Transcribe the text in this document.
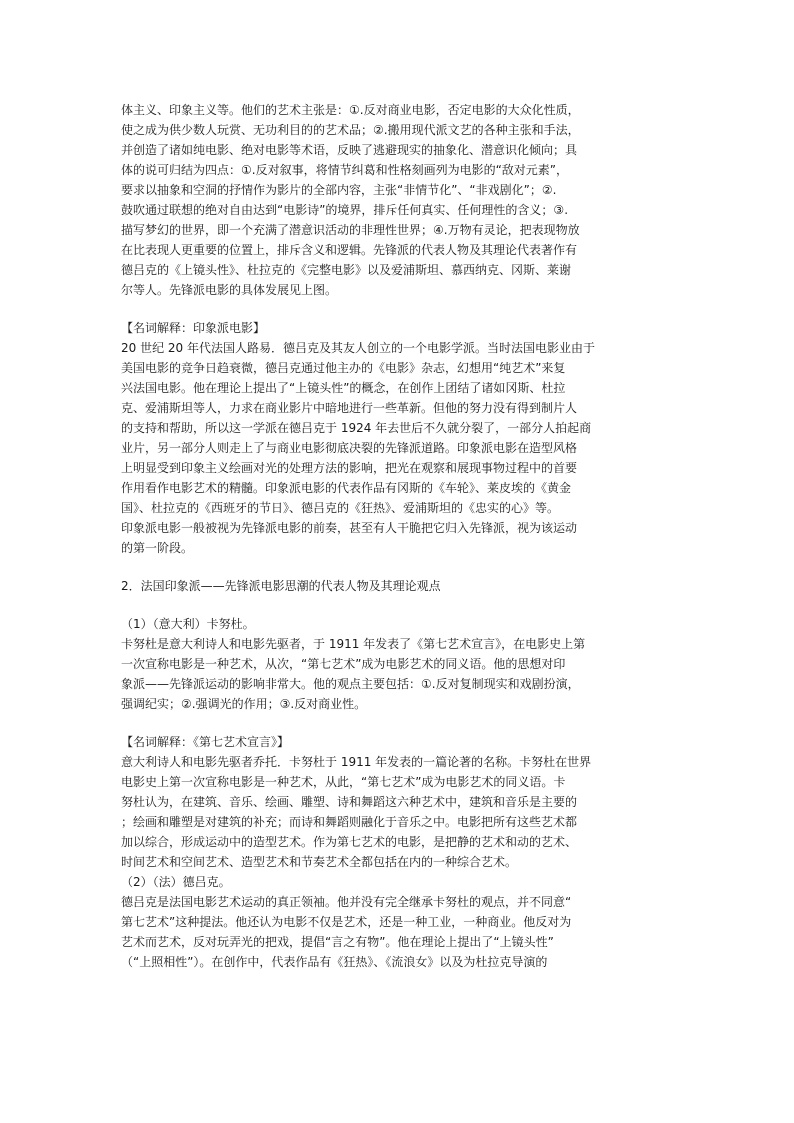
体主义、印象主义等。他们的艺术主张是：①.反对商业电影，否定电影的大众化性质，
使之成为供少数人玩赏、无功利目的的艺术品；②.搬用现代派文艺的各种主张和手法，
并创造了诸如纯电影、绝对电影等术语，反映了逃避现实的抽象化、潜意识化倾向；具
体的说可归结为四点：①.反对叙事，将情节纠葛和性格刻画列为电影的“敌对元素”，
要求以抽象和空洞的抒情作为影片的全部内容，主张“非情节化”、“非戏剧化”；②.
鼓吹通过联想的绝对自由达到“电影诗”的境界，排斥任何真实、任何理性的含义；③.
描写梦幻的世界，即一个充满了潜意识活动的非理性世界；④.万物有灵论，把表现物放
在比表现人更重要的位置上，排斥含义和逻辑。先锋派的代表人物及其理论代表著作有
德吕克的《上镜头性》、杜拉克的《完整电影》以及爱浦斯坦、慕西纳克、冈斯、莱谢
尔等人。先锋派电影的具体发展见上图。
【名词解释：印象派电影】
20 世纪 20 年代法国人路易．德吕克及其友人创立的一个电影学派。当时法国电影业由于
美国电影的竞争日趋衰微，德吕克通过他主办的《电影》杂志，幻想用“纯艺术”来复
兴法国电影。他在理论上提出了“上镜头性”的概念，在创作上团结了诸如冈斯、杜拉
克、爱浦斯坦等人，力求在商业影片中暗地进行一些革新。但他的努力没有得到制片人
的支持和帮助，所以这一学派在德吕克于 1924 年去世后不久就分裂了，一部分人拍起商
业片，另一部分人则走上了与商业电影彻底决裂的先锋派道路。印象派电影在造型风格
上明显受到印象主义绘画对光的处理方法的影响，把光在观察和展现事物过程中的首要
作用看作电影艺术的精髓。印象派电影的代表作品有冈斯的《车轮》、莱皮埃的《黄金
国》、杜拉克的《西班牙的节日》、德吕克的《狂热》、爱浦斯坦的《忠实的心》等。
印象派电影一般被视为先锋派电影的前奏，甚至有人干脆把它归入先锋派，视为该运动
的第一阶段。
2．法国印象派——先锋派电影思潮的代表人物及其理论观点
（1）（意大利）卡努杜。
卡努杜是意大利诗人和电影先驱者，于 1911 年发表了《第七艺术宣言》，在电影史上第
一次宣称电影是一种艺术，从次，“第七艺术”成为电影艺术的同义语。他的思想对印
象派——先锋派运动的影响非常大。他的观点主要包括：①.反对复制现实和戏剧扮演，
强调纪实；②.强调光的作用；③.反对商业性。
【名词解释：《第七艺术宣言》】
意大利诗人和电影先驱者乔托．卡努杜于 1911 年发表的一篇论著的名称。卡努杜在世界
电影史上第一次宣称电影是一种艺术，从此，“第七艺术”成为电影艺术的同义语。卡
努杜认为，在建筑、音乐、绘画、雕塑、诗和舞蹈这六种艺术中，建筑和音乐是主要的
；绘画和雕塑是对建筑的补充；而诗和舞蹈则融化于音乐之中。电影把所有这些艺术都
加以综合，形成运动中的造型艺术。作为第七艺术的电影，是把静的艺术和动的艺术、
时间艺术和空间艺术、造型艺术和节奏艺术全都包括在内的一种综合艺术。
（2）（法）德吕克。
德吕克是法国电影艺术运动的真正领袖。他并没有完全继承卡努杜的观点，并不同意“
第七艺术”这种提法。他还认为电影不仅是艺术，还是一种工业，一种商业。他反对为
艺术而艺术，反对玩弄光的把戏，提倡“言之有物”。他在理论上提出了“上镜头性”
（“上照相性”）。在创作中，代表作品有《狂热》、《流浪女》以及为杜拉克导演的
